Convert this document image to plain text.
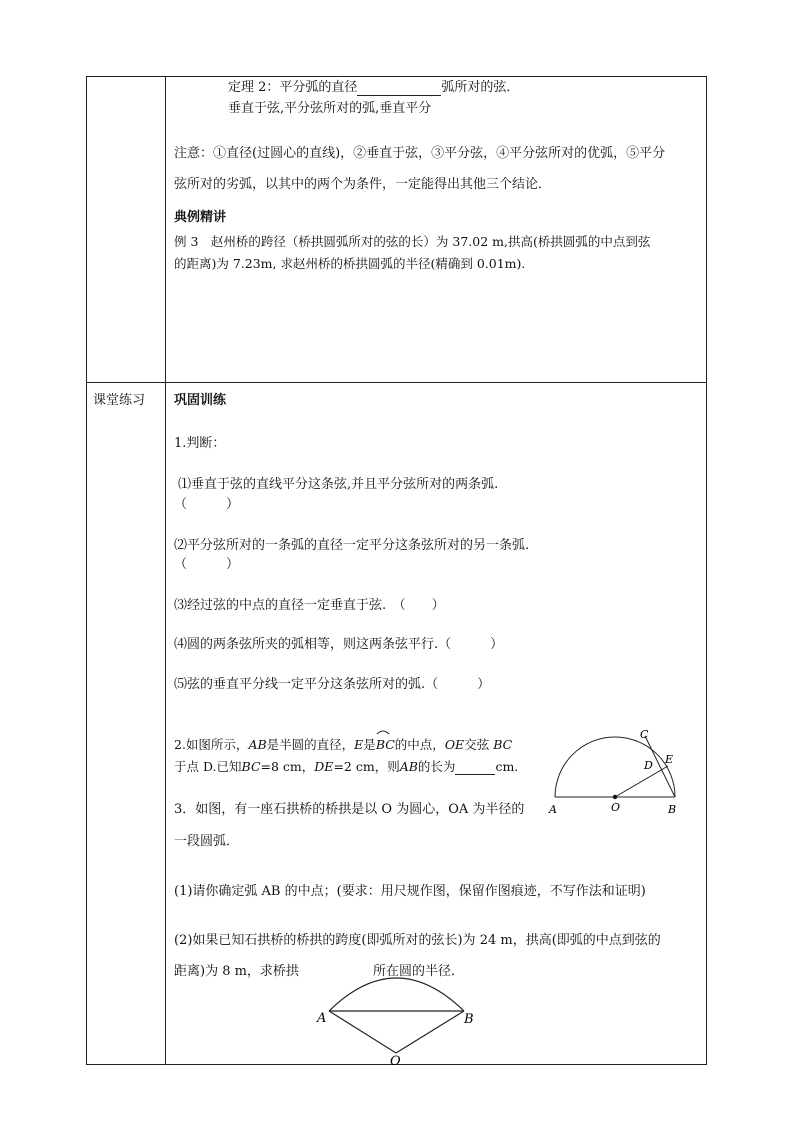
定理 2：平分弧的直径	弧所对的弦．
垂直于弦,平分弦所对的弧,垂直平分
注意：①直径(过圆心的直线)，②垂直于弦，③平分弦，④平分弦所对的优弧，⑤平分
弦所对的劣弧，以其中的两个为条件，一定能得出其他三个结论．
典例精讲
例 3　赵州桥的跨径（桥拱圆弧所对的弦的长）为 37.02 m,拱高(桥拱圆弧的中点到弦
的距离)为 7.23m, 求赵州桥的桥拱圆弧的半径(精确到 0.01m).
课堂练习 巩固训练
1.判断：
⑴垂直于弦的直线平分这条弦,并且平分弦所对的两条弧.
（　　　）
⑵平分弦所对的一条弧的直径一定平分这条弦所对的另一条弧.
（　　　）
⑶经过弦的中点的直径一定垂直于弦.　（　　）
⑷圆的两条弦所夹的弧相等，则这两条弦平行.（　　　）
⑸弦的垂直平分线一定平分这条弦所对的弧.（　　　）
2.如图所示，AB是半圆的直径，E是BC
的中点，OE交弦 BC
于点 D.已知BC=8 cm，DE=2 cm，则AB的长为	cm.
A	O	B
C
D E
3．如图，有一座石拱桥的桥拱是以 O 为圆心，OA 为半径的
一段圆弧．
(1)请你确定弧 AB 的中点；(要求：用尺规作图，保留作图痕迹，不写作法和证明)
(2)如果已知石拱桥的桥拱的跨度(即弧所对的弦长)为 24 m，拱高(即弧的中点到弦的
距离)为 8 m，求桥拱	所在圆的半径．
A	B
O
